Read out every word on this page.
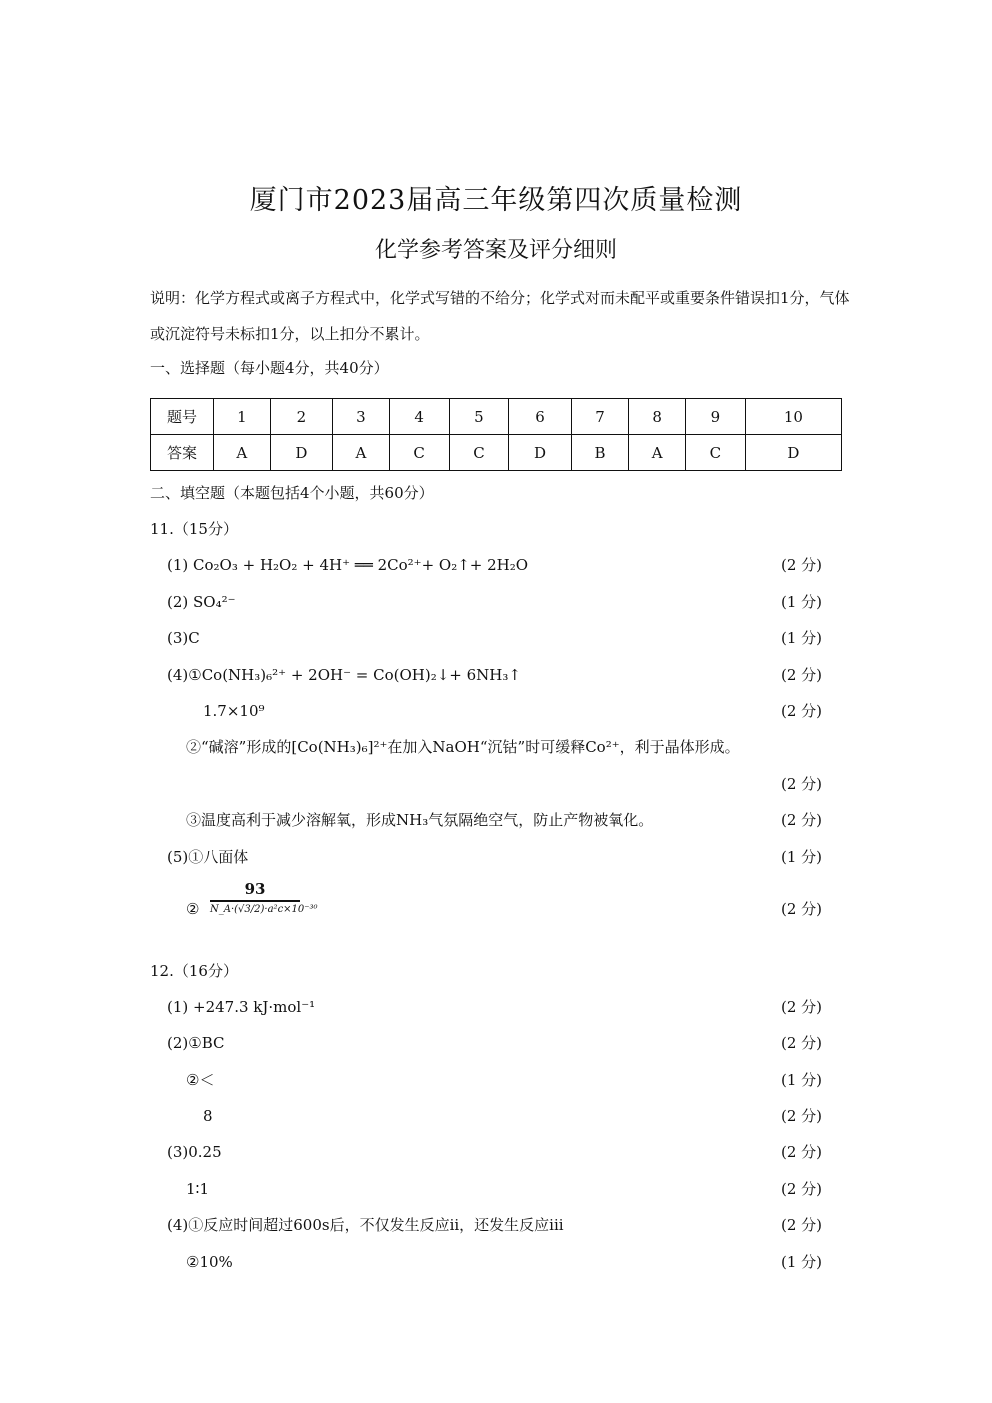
厦门市2023届高三年级第四次质量检测
化学参考答案及评分细则
说明：化学方程式或离子方程式中，化学式写错的不给分；化学式对而未配平或重要条件错误扣1分，气体或沉淀符号未标扣1分，以上扣分不累计。
一、选择题（每小题4分，共40分）
题号	1	2	3	4	5	6	7	8	9	10
答案	A	D	A	C	C	D	B	A	C	D
二、填空题（本题包括4个小题，共60分）
11.（15分）
(1) Co₂O₃ + H₂O₂ + 4H⁺ ══ 2Co²⁺+ O₂↑+ 2H₂O	(2 分)
(2) SO₄²⁻	(1 分)
(3)C	(1 分)
(4)①Co(NH₃)₆²⁺ + 2OH⁻ = Co(OH)₂↓+ 6NH₃↑	(2 分)
1.7×10⁹	(2 分)
②“碱溶”形成的[Co(NH₃)₆]²⁺在加入NaOH“沉钴”时可缓释Co²⁺，利于晶体形成。
(2 分)
③温度高利于减少溶解氧，形成NH₃气氛隔绝空气，防止产物被氧化。	(2 分)
(5)①八面体	(1 分)
②	(2 分)
93
N_A·(√3/2)·a²c×10⁻³⁰
12.（16分）
(1) +247.3 kJ·mol⁻¹	(2 分)
(2)①BC	(2 分)
②＜	(1 分)
8	(2 分)
(3)0.25	(2 分)
1∶1	(2 分)
(4)①反应时间超过600s后，不仅发生反应ii，还发生反应iii	(2 分)
②10%	(1 分)
